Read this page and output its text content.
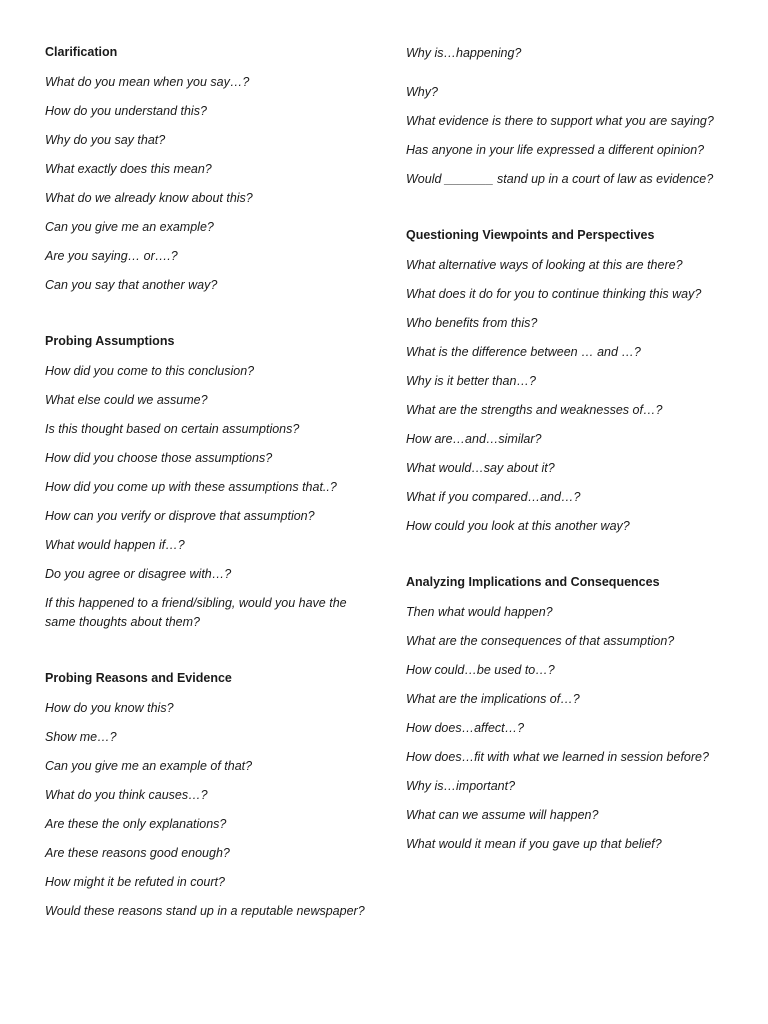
Clarification
What do you mean when you say…?
How do you understand this?
Why do you say that?
What exactly does this mean?
What do we already know about this?
Can you give me an example?
Are you saying… or….?
Can you say that another way?
Probing Assumptions
How did you come to this conclusion?
What else could we assume?
Is this thought based on certain assumptions?
How did you choose those assumptions?
How did you come up with these assumptions that..?
How can you verify or disprove that assumption?
What would happen if…?
Do you agree or disagree with…?
If this happened to a friend/sibling, would you have the same thoughts about them?
Probing Reasons and Evidence
How do you know this?
Show me…?
Can you give me an example of that?
What do you think causes…?
Are these the only explanations?
Are these reasons good enough?
How might it be refuted in court?
Would these reasons stand up in a reputable newspaper?
Why is…happening?
Why?
What evidence is there to support what you are saying?
Has anyone in your life expressed a different opinion?
Would _______ stand up in a court of law as evidence?
Questioning Viewpoints and Perspectives
What alternative ways of looking at this are there?
What does it do for you to continue thinking this way?
Who benefits from this?
What is the difference between … and …?
Why is it better than…?
What are the strengths and weaknesses of…?
How are…and…similar?
What would…say about it?
What if you compared…and…?
How could you look at this another way?
Analyzing Implications and Consequences
Then what would happen?
What are the consequences of that assumption?
How could…be used to…?
What are the implications of…?
How does…affect…?
How does…fit with what we learned in session before?
Why is…important?
What can we assume will happen?
What would it mean if you gave up that belief?
